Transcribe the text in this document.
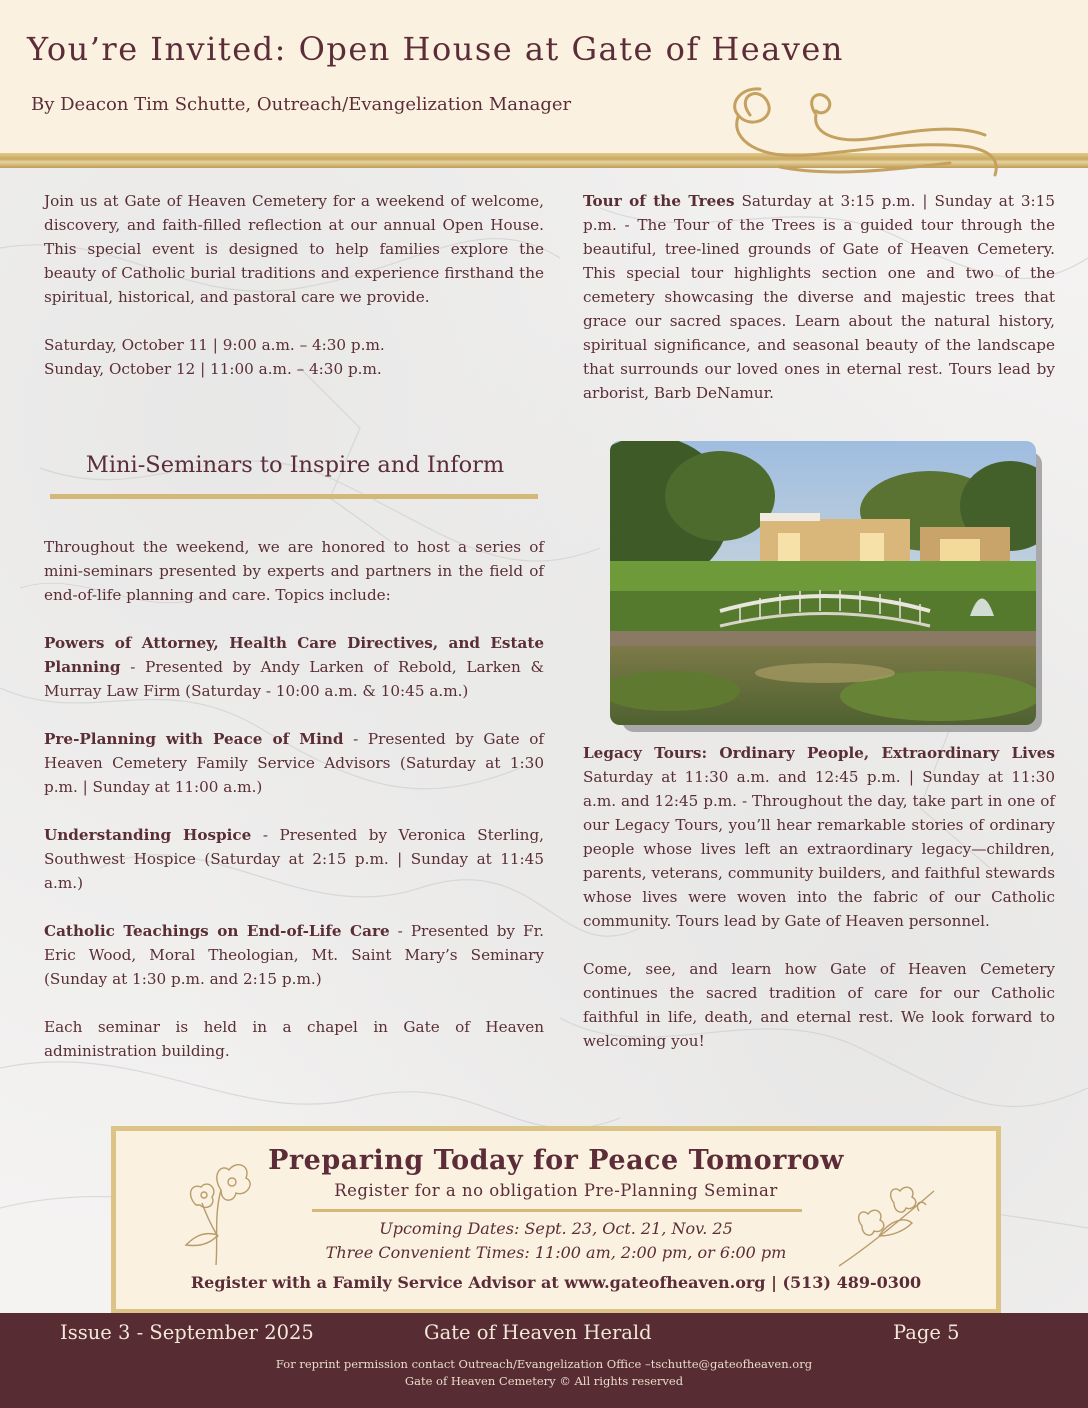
You’re Invited: Open House at Gate of Heaven

By Deacon Tim Schutte, Outreach/Evangelization Manager

Join us at Gate of Heaven Cemetery for a weekend of welcome, discovery, and faith-filled reflection at our annual Open House. This special event is designed to help families explore the beauty of Catholic burial traditions and experience firsthand the spiritual, historical, and pastoral care we provide.

Saturday, October 11 | 9:00 a.m. – 4:30 p.m.

Sunday, October 12 | 11:00 a.m. – 4:30 p.m.

Mini-Seminars to Inspire and Inform

Throughout the weekend, we are honored to host a series of mini-seminars presented by experts and partners in the field of end-of-life planning and care. Topics include:

Powers of Attorney, Health Care Directives, and Estate Planning - Presented by Andy Larken of Rebold, Larken & Murray Law Firm (Saturday - 10:00 a.m. & 10:45 a.m.)

Pre-Planning with Peace of Mind - Presented by Gate of Heaven Cemetery Family Service Advisors (Saturday at 1:30 p.m. | Sunday at 11:00 a.m.)

Understanding Hospice - Presented by Veronica Sterling, Southwest Hospice (Saturday at 2:15 p.m. | Sunday at 11:45 a.m.)

Catholic Teachings on End-of-Life Care - Presented by Fr. Eric Wood, Moral Theologian, Mt. Saint Mary’s Seminary (Sunday at 1:30 p.m. and 2:15 p.m.)

Each seminar is held in a chapel in Gate of Heaven administration building.

Tour of the Trees Saturday at 3:15 p.m. | Sunday at 3:15 p.m. - The Tour of the Trees is a guided tour through the beautiful, tree-lined grounds of Gate of Heaven Cemetery. This special tour highlights section one and two of the cemetery showcasing the diverse and majestic trees that grace our sacred spaces. Learn about the natural history, spiritual significance, and seasonal beauty of the landscape that surrounds our loved ones in eternal rest. Tours lead by arborist, Barb DeNamur.

Legacy Tours: Ordinary People, Extraordinary Lives Saturday at 11:30 a.m. and 12:45 p.m. | Sunday at 11:30 a.m. and 12:45 p.m. - Throughout the day, take part in one of our Legacy Tours, you’ll hear remarkable stories of ordinary people whose lives left an extraordinary legacy—children, parents, veterans, community builders, and faithful stewards whose lives were woven into the fabric of our Catholic community. Tours lead by Gate of Heaven personnel.

Come, see, and learn how Gate of Heaven Cemetery continues the sacred tradition of care for our Catholic faithful in life, death, and eternal rest. We look forward to welcoming you!

Preparing Today for Peace Tomorrow
Register for a no obligation Pre-Planning Seminar
Upcoming Dates: Sept. 23, Oct. 21, Nov. 25
Three Convenient Times: 11:00 am, 2:00 pm, or 6:00 pm
Register with a Family Service Advisor at www.gateofheaven.org | (513) 489-0300
Issue 3 - September 2025	Gate of Heaven Herald	Page 5
For reprint permission contact Outreach/Evangelization Office –tschutte@gateofheaven.org
Gate of Heaven Cemetery © All rights reserved
